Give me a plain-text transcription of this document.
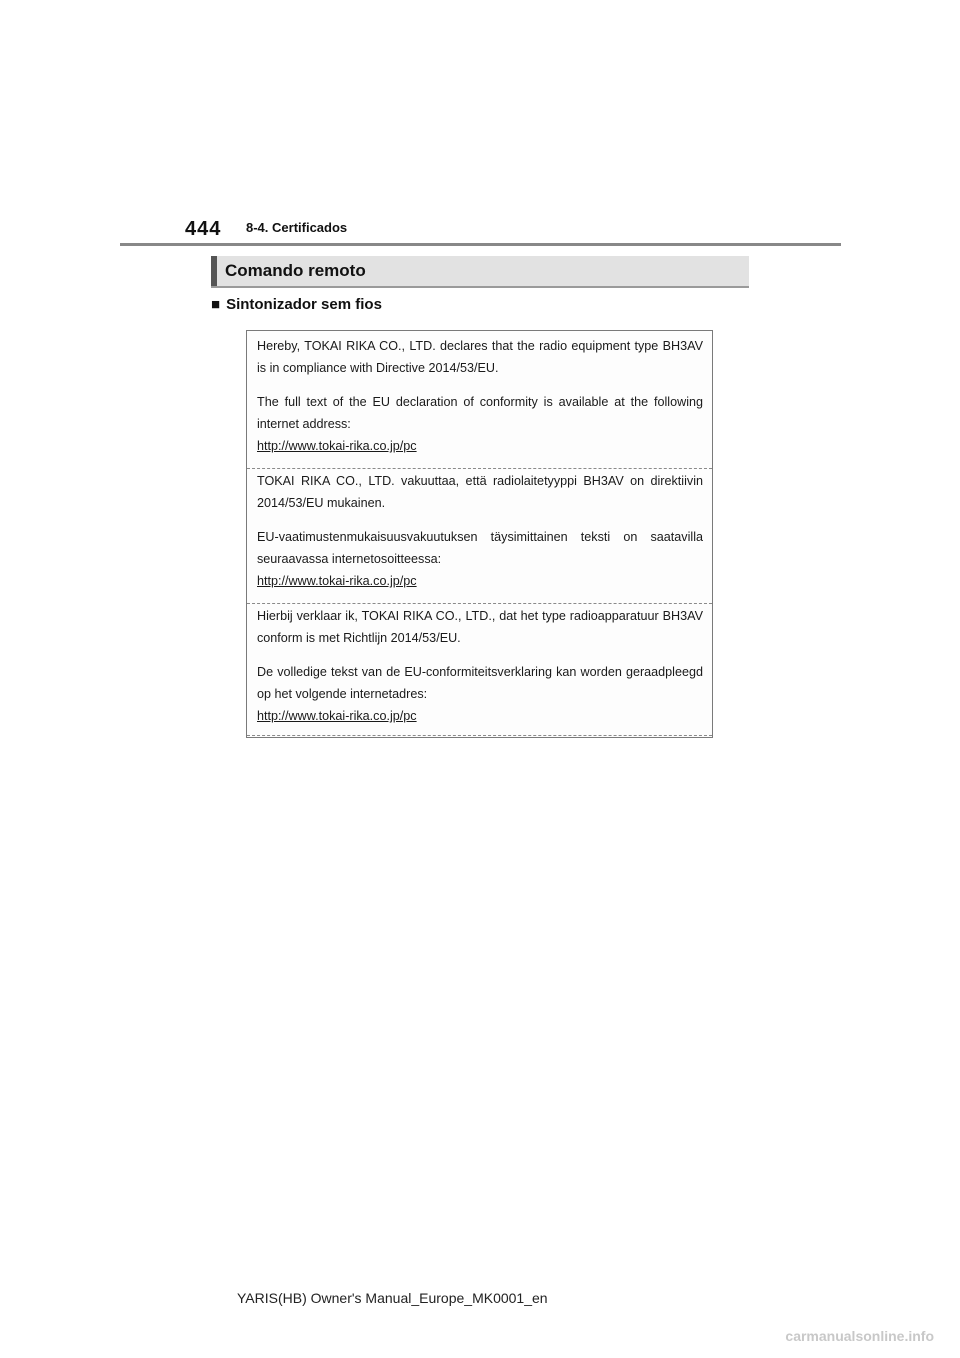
444 8-4. Certificados
Comando remoto
■ Sintonizador sem fios

Hereby, TOKAI RIKA CO., LTD. declares that the radio equipment type BH3AV is in compliance with Directive 2014/53/EU.

The full text of the EU declaration of conformity is available at the following internet address:

http://www.tokai-rika.co.jp/pc

TOKAI RIKA CO., LTD. vakuuttaa, että radiolaitetyyppi BH3AV on direktiivin 2014/53/EU mukainen.

EU-vaatimustenmukaisuusvakuutuksen täysimittainen teksti on saatavilla seuraavassa internetosoitteessa:

http://www.tokai-rika.co.jp/pc

Hierbij verklaar ik, TOKAI RIKA CO., LTD., dat het type radioapparatuur BH3AV conform is met Richtlijn 2014/53/EU.

De volledige tekst van de EU-conformiteitsverklaring kan worden geraadpleegd op het volgende internetadres:

http://www.tokai-rika.co.jp/pc
YARIS(HB) Owner's Manual_Europe_MK0001_en
carmanualsonline.info
